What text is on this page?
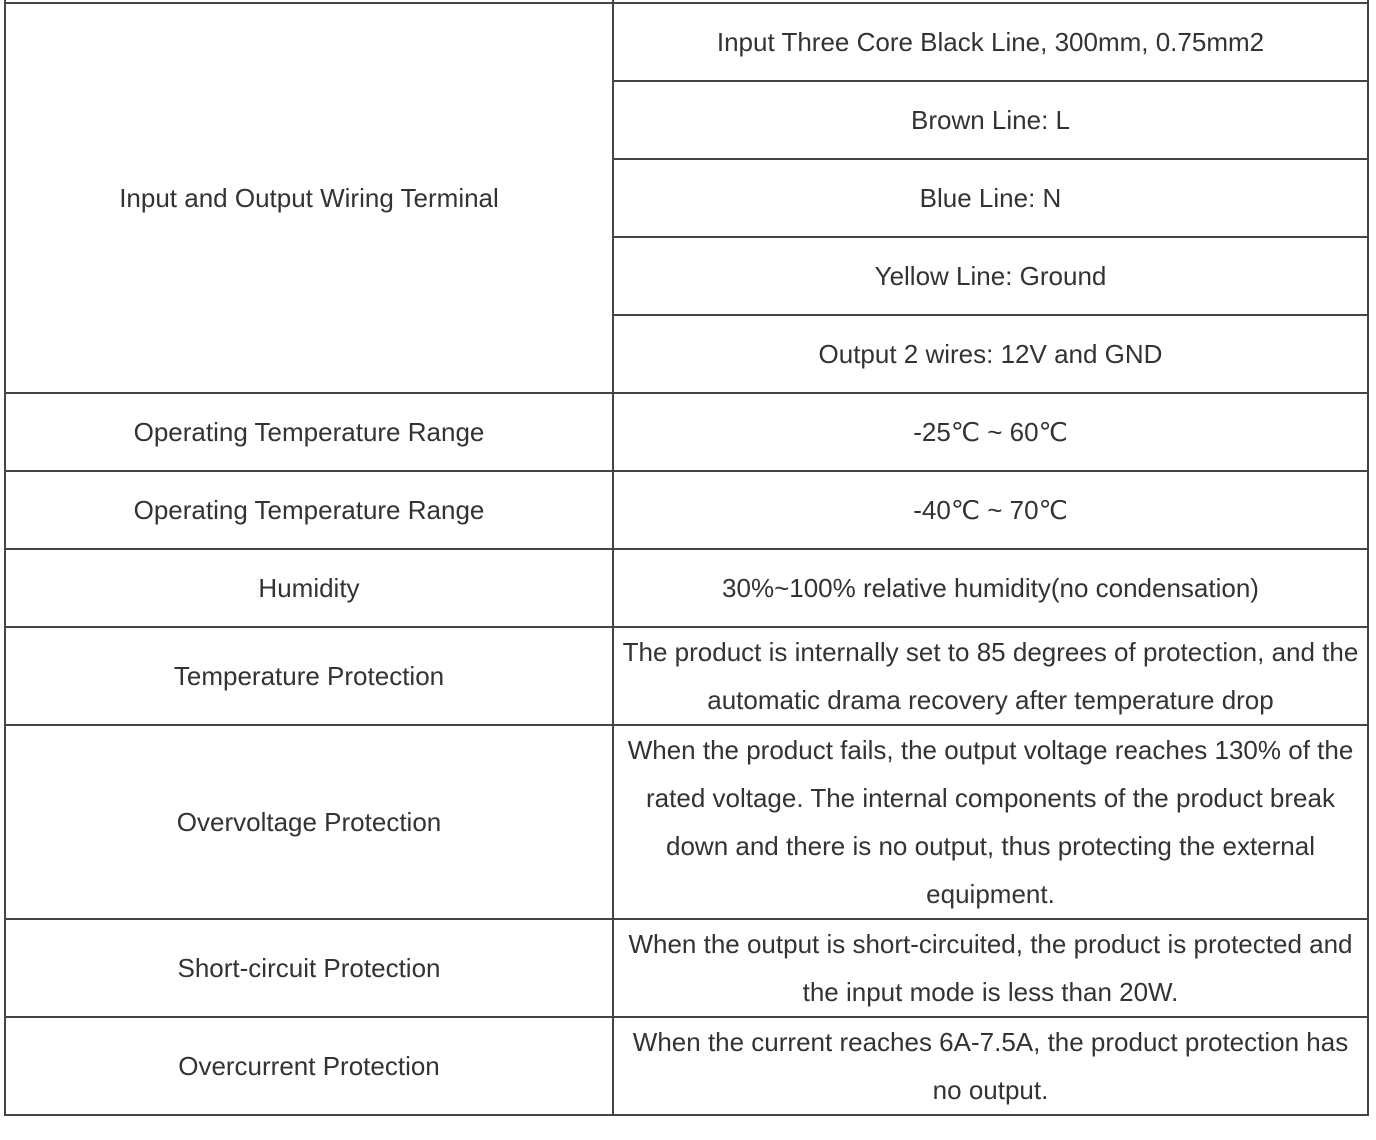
Input and Output Wiring Terminal	Input Three Core Black Line, 300mm, 0.75mm2
	Brown Line: L
	Blue Line: N
	Yellow Line: Ground
	Output 2 wires: 12V and GND
Operating Temperature Range	-25℃ ~ 60℃
Operating Temperature Range	-40℃ ~ 70℃
Humidity	30%~100% relative humidity(no condensation)
Temperature Protection	The product is internally set to 85 degrees of protection, and the automatic drama recovery after temperature drop
Overvoltage Protection	When the product fails, the output voltage reaches 130% of the rated voltage. The internal components of the product break down and there is no output, thus protecting the external equipment.
Short-circuit Protection	When the output is short-circuited, the product is protected and the input mode is less than 20W.
Overcurrent Protection	When the current reaches 6A-7.5A, the product protection has no output.
